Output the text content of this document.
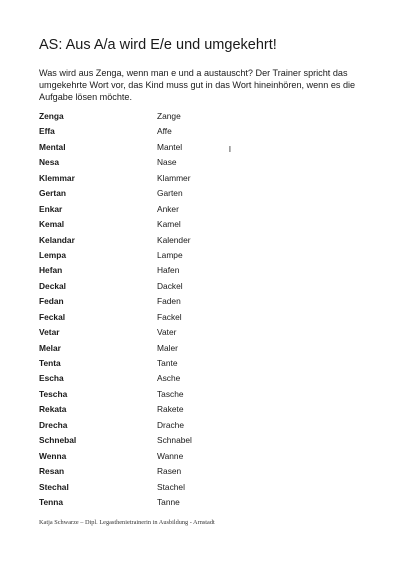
AS: Aus A/a wird E/e und umgekehrt!

Was wird aus Zenga, wenn man e und a austauscht? Der Trainer spricht das umgekehrte Wort vor, das Kind muss gut in das Wort hineinhören, wenn es die Aufgabe lösen möchte.

Zenga	Zange
Effa	Affe
Mental	Mantel
Nesa	Nase
Klemmar	Klammer
Gertan	Garten
Enkar	Anker
Kemal	Kamel
Kelandar	Kalender
Lempa	Lampe
Hefan	Hafen
Deckal	Dackel
Fedan	Faden
Feckal	Fackel
Vetar	Vater
Melar	Maler
Tenta	Tante
Escha	Asche
Tescha	Tasche
Rekata	Rakete
Drecha	Drache
Schnebal	Schnabel
Wenna	Wanne
Resan	Rasen
Stechal	Stachel
Tenna	Tanne
l
Katja Schwarze – Dipl. Legasthenietrainerin in Ausbildung - Arnstadt
